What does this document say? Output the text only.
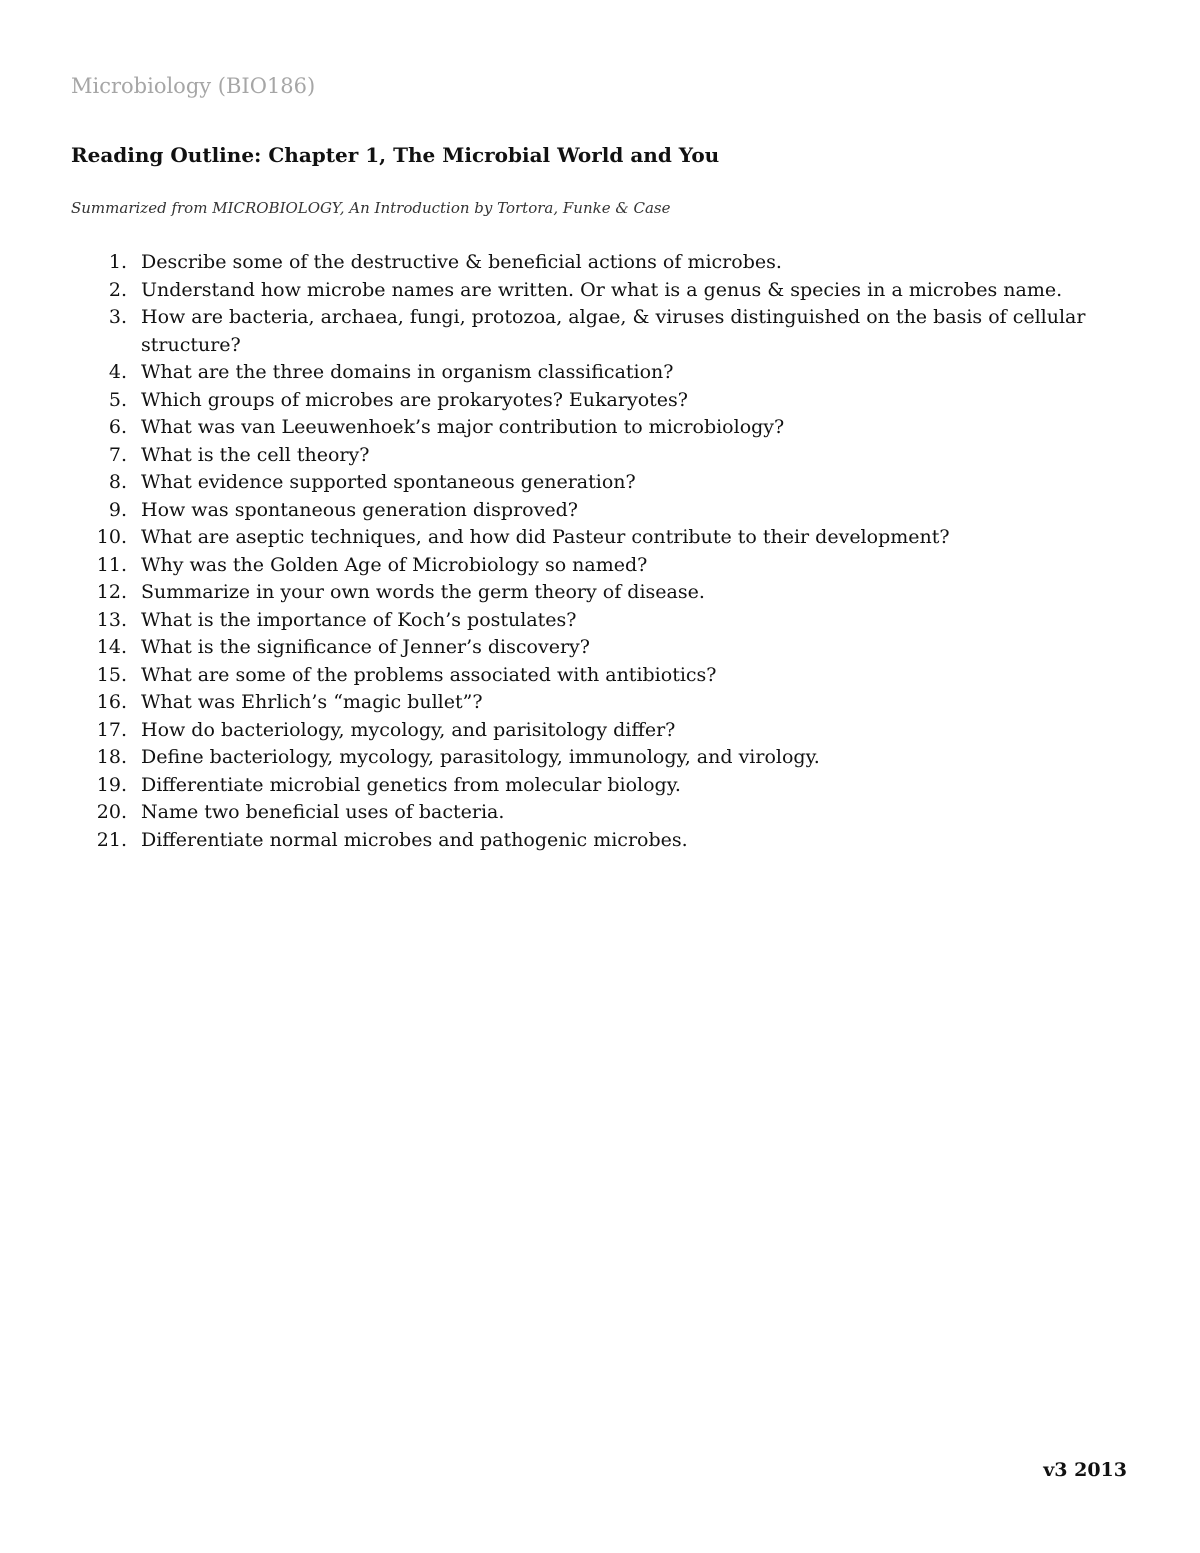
Microbiology (BIO186)
Reading Outline: Chapter 1, The Microbial World and You
Summarized from MICROBIOLOGY, An Introduction by Tortora, Funke & Case
1. Describe some of the destructive & beneficial actions of microbes.
2. Understand how microbe names are written. Or what is a genus & species in a microbes name.
3. How are bacteria, archaea, fungi, protozoa, algae, & viruses distinguished on the basis of cellular structure?
4. What are the three domains in organism classification?
5. Which groups of microbes are prokaryotes? Eukaryotes?
6. What was van Leeuwenhoek’s major contribution to microbiology?
7. What is the cell theory?
8. What evidence supported spontaneous generation?
9. How was spontaneous generation disproved?
10. What are aseptic techniques, and how did Pasteur contribute to their development?
11. Why was the Golden Age of Microbiology so named?
12. Summarize in your own words the germ theory of disease.
13. What is the importance of Koch’s postulates?
14. What is the significance of Jenner’s discovery?
15. What are some of the problems associated with antibiotics?
16. What was Ehrlich’s “magic bullet”?
17. How do bacteriology, mycology, and parisitology differ?
18. Define bacteriology, mycology, parasitology, immunology, and virology.
19. Differentiate microbial genetics from molecular biology.
20. Name two beneficial uses of bacteria.
21. Differentiate normal microbes and pathogenic microbes.
v3 2013
